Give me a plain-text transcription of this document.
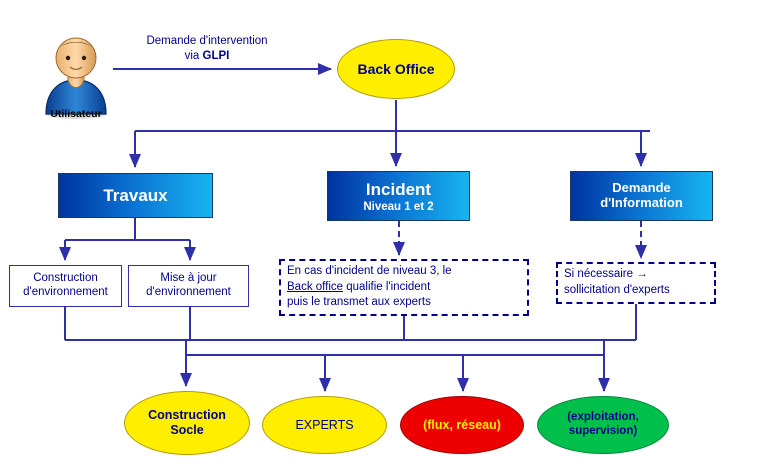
Utilisateur
Demande d'intervention
via GLPI
Back Office
Travaux	Incident
Niveau 1 et 2
Demande
d'Information
Construction
d'environnement
Mise à jour
d'environnement
En cas d'incident de niveau 3, le
Back office qualifie l'incident
puis le transmet aux experts
Si nécessaire →
sollicitation d'experts
Construction
Socle	EXPERTS	(flux, réseau)
(exploitation,
supervision)
